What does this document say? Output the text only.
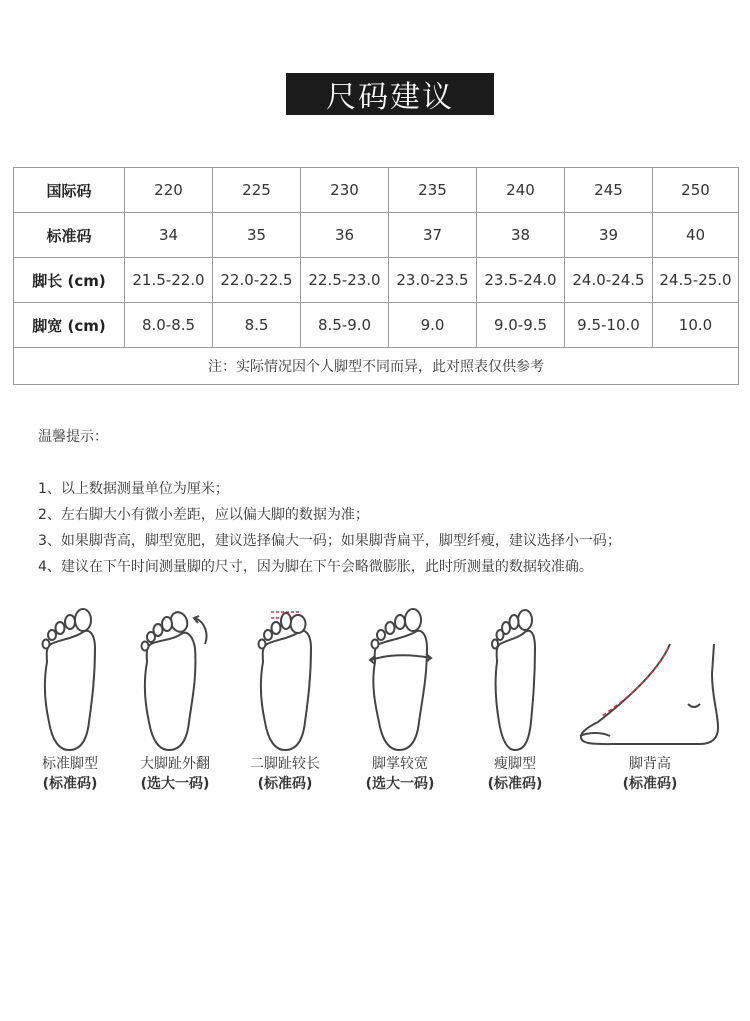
尺码建议
国际码	220	225	230	235	240	245	250
标准码	34	35	36	37	38	39	40
脚长 (cm)	21.5-22.0	22.0-22.5	22.5-23.0	23.0-23.5	23.5-24.0	24.0-24.5	24.5-25.0
脚宽 (cm)	8.0-8.5	8.5	8.5-9.0	9.0	9.0-9.5	9.5-10.0	10.0
注：实际情况因个人脚型不同而异，此对照表仅供参考							
温馨提示：
1、以上数据测量单位为厘米；
2、左右脚大小有微小差距，应以偏大脚的数据为准；
3、如果脚背高，脚型宽肥，建议选择偏大一码；如果脚背扁平，脚型纤瘦，建议选择小一码；
4、建议在下午时间测量脚的尺寸，因为脚在下午会略微膨胀，此时所测量的数据较准确。
标准脚型
(标准码)
大脚趾外翻
(选大一码)
二脚趾较长
(标准码)
脚掌较宽
(选大一码)
瘦脚型
(标准码)
脚背高
(标准码)
